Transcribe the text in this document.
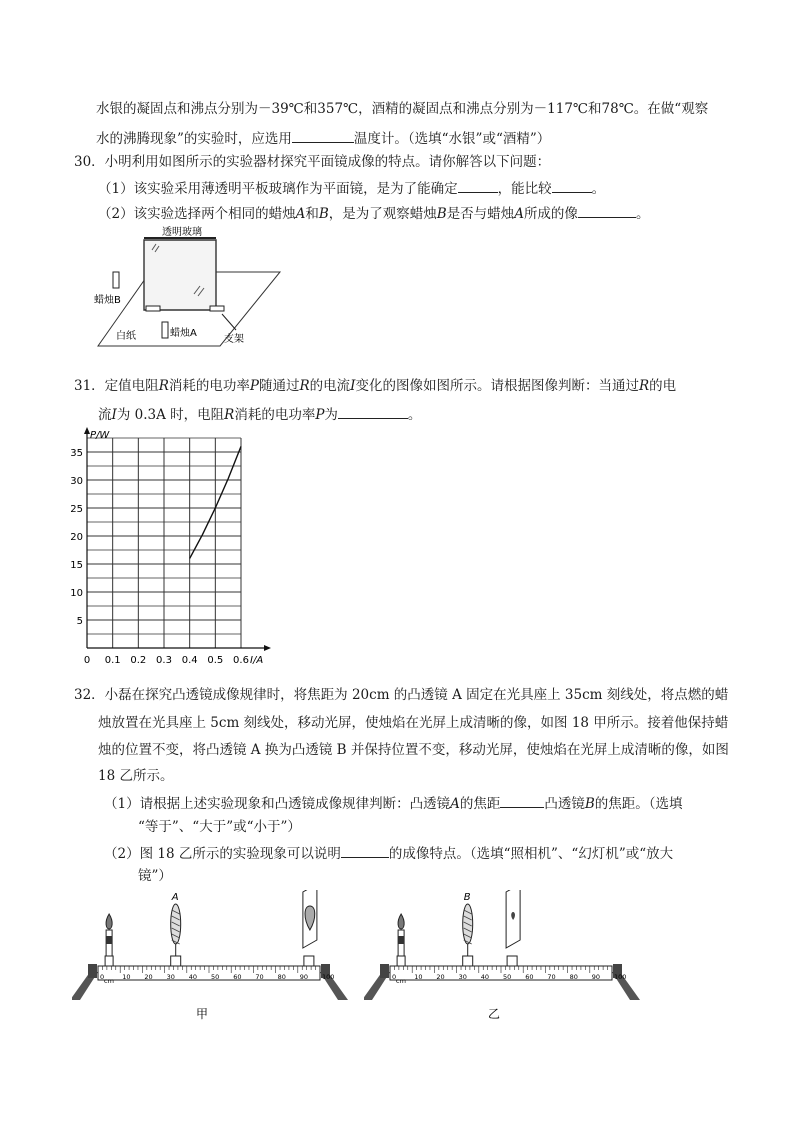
水银的凝固点和沸点分别为－39℃和357℃，酒精的凝固点和沸点分别为－117℃和78℃。在做“观察
水的沸腾现象”的实验时，应选用	温度计。（选填“水银”或“酒精”）
30．小明利用如图所示的实验器材探究平面镜成像的特点。请你解答以下问题：
（1）该实验采用薄透明平板玻璃作为平面镜，是为了能确定	，能比较	。
（2）该实验选择两个相同的蜡烛A和B，是为了观察蜡烛B是否与蜡烛A所成的像	。
透明玻璃
蜡烛B
白纸	蜡烛A
支架
31．定值电阻R消耗的电功率P随通过R的电流I变化的图像如图所示。请根据图像判断：当通过R的电
流I为 0.3A 时，电阻R消耗的电功率P为	。
0 0.1 0.2 0.3 0.4 0.5 0.6
5
10
15
20
25
30
35
I/A
P/W
32．小磊在探究凸透镜成像规律时，将焦距为 20cm 的凸透镜 A 固定在光具座上 35cm 刻线处，将点燃的蜡
烛放置在光具座上 5cm 刻线处，移动光屏，使烛焰在光屏上成清晰的像，如图 18 甲所示。接着他保持蜡
烛的位置不变，将凸透镜 A 换为凸透镜 B 并保持位置不变，移动光屏，使烛焰在光屏上成清晰的像，如图
18 乙所示。
（1）请根据上述实验现象和凸透镜成像规律判断：凸透镜A的焦距	凸透镜B的焦距。（选填
“等于”、“大于”或“小于”）
（2）图 18 乙所示的实验现象可以说明	的成像特点。（选填“照相机”、“幻灯机”或“放大
镜”）
0	10 20 30 40 50 60 70 80 90 100
cm
A
甲
0	10 20 30 40 50 60 70 80 90 100
cm
B
乙
